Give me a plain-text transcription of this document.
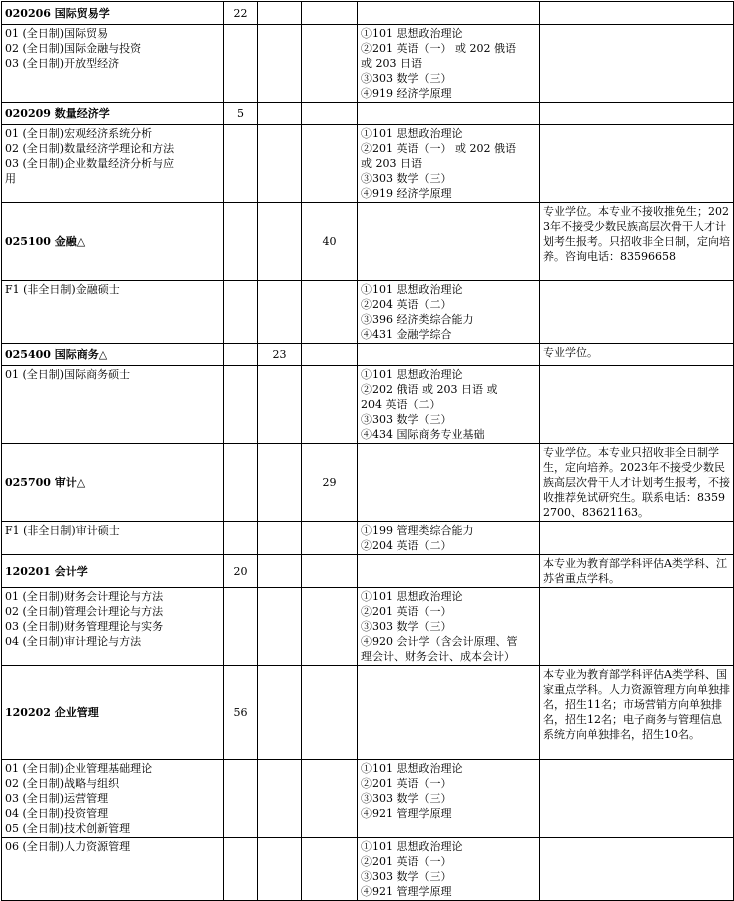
020206 国际贸易学	22				

01 (全日制)国际贸易
02 (全日制)国际金融与投资
03 (全日制)开放型经济				①101 思想政治理论
②201 英语（一） 或 202 俄语
或 203 日语
③303 数学（三）
④919 经济学原理	

020209 数量经济学	5				

01 (全日制)宏观经济系统分析
02 (全日制)数量经济学理论和方法
03 (全日制)企业数量经济分析与应
用				①101 思想政治理论
②201 英语（一） 或 202 俄语
或 203 日语
③303 数学（三）
④919 经济学原理	

025100 金融△			40		专业学位。本专业不接收推免生；2023年不接受少数民族高层次骨干人才计划考生报考。只招收非全日制，定向培养。咨询电话：83596658

F1 (非全日制)金融硕士				①101 思想政治理论
②204 英语（二）
③396 经济类综合能力
④431 金融学综合	

025400 国际商务△		23			专业学位。

01 (全日制)国际商务硕士				①101 思想政治理论
②202 俄语 或 203 日语 或
204 英语（二）
③303 数学（三）
④434 国际商务专业基础	

025700 审计△			29		专业学位。本专业只招收非全日制学生，定向培养。2023年不接受少数民族高层次骨干人才计划考生报考，不接收推荐免试研究生。联系电话：83592700、83621163。

F1 (非全日制)审计硕士				①199 管理类综合能力
②204 英语（二）	

120201 会计学	20				本专业为教育部学科评估A类学科、江苏省重点学科。

01 (全日制)财务会计理论与方法
02 (全日制)管理会计理论与方法
03 (全日制)财务管理理论与实务
04 (全日制)审计理论与方法				①101 思想政治理论
②201 英语（一）
③303 数学（三）
④920 会计学（含会计原理、管
理会计、财务会计、成本会计）	

120202 企业管理	56				本专业为教育部学科评估A类学科、国家重点学科。人力资源管理方向单独排名，招生11名；市场营销方向单独排名，招生12名；电子商务与管理信息系统方向单独排名，招生10名。

01 (全日制)企业管理基础理论
02 (全日制)战略与组织
03 (全日制)运营管理
04 (全日制)投资管理
05 (全日制)技术创新管理				①101 思想政治理论
②201 英语（一）
③303 数学（三）
④921 管理学原理	

06 (全日制)人力资源管理				①101 思想政治理论
②201 英语（一）
③303 数学（三）
④921 管理学原理	
